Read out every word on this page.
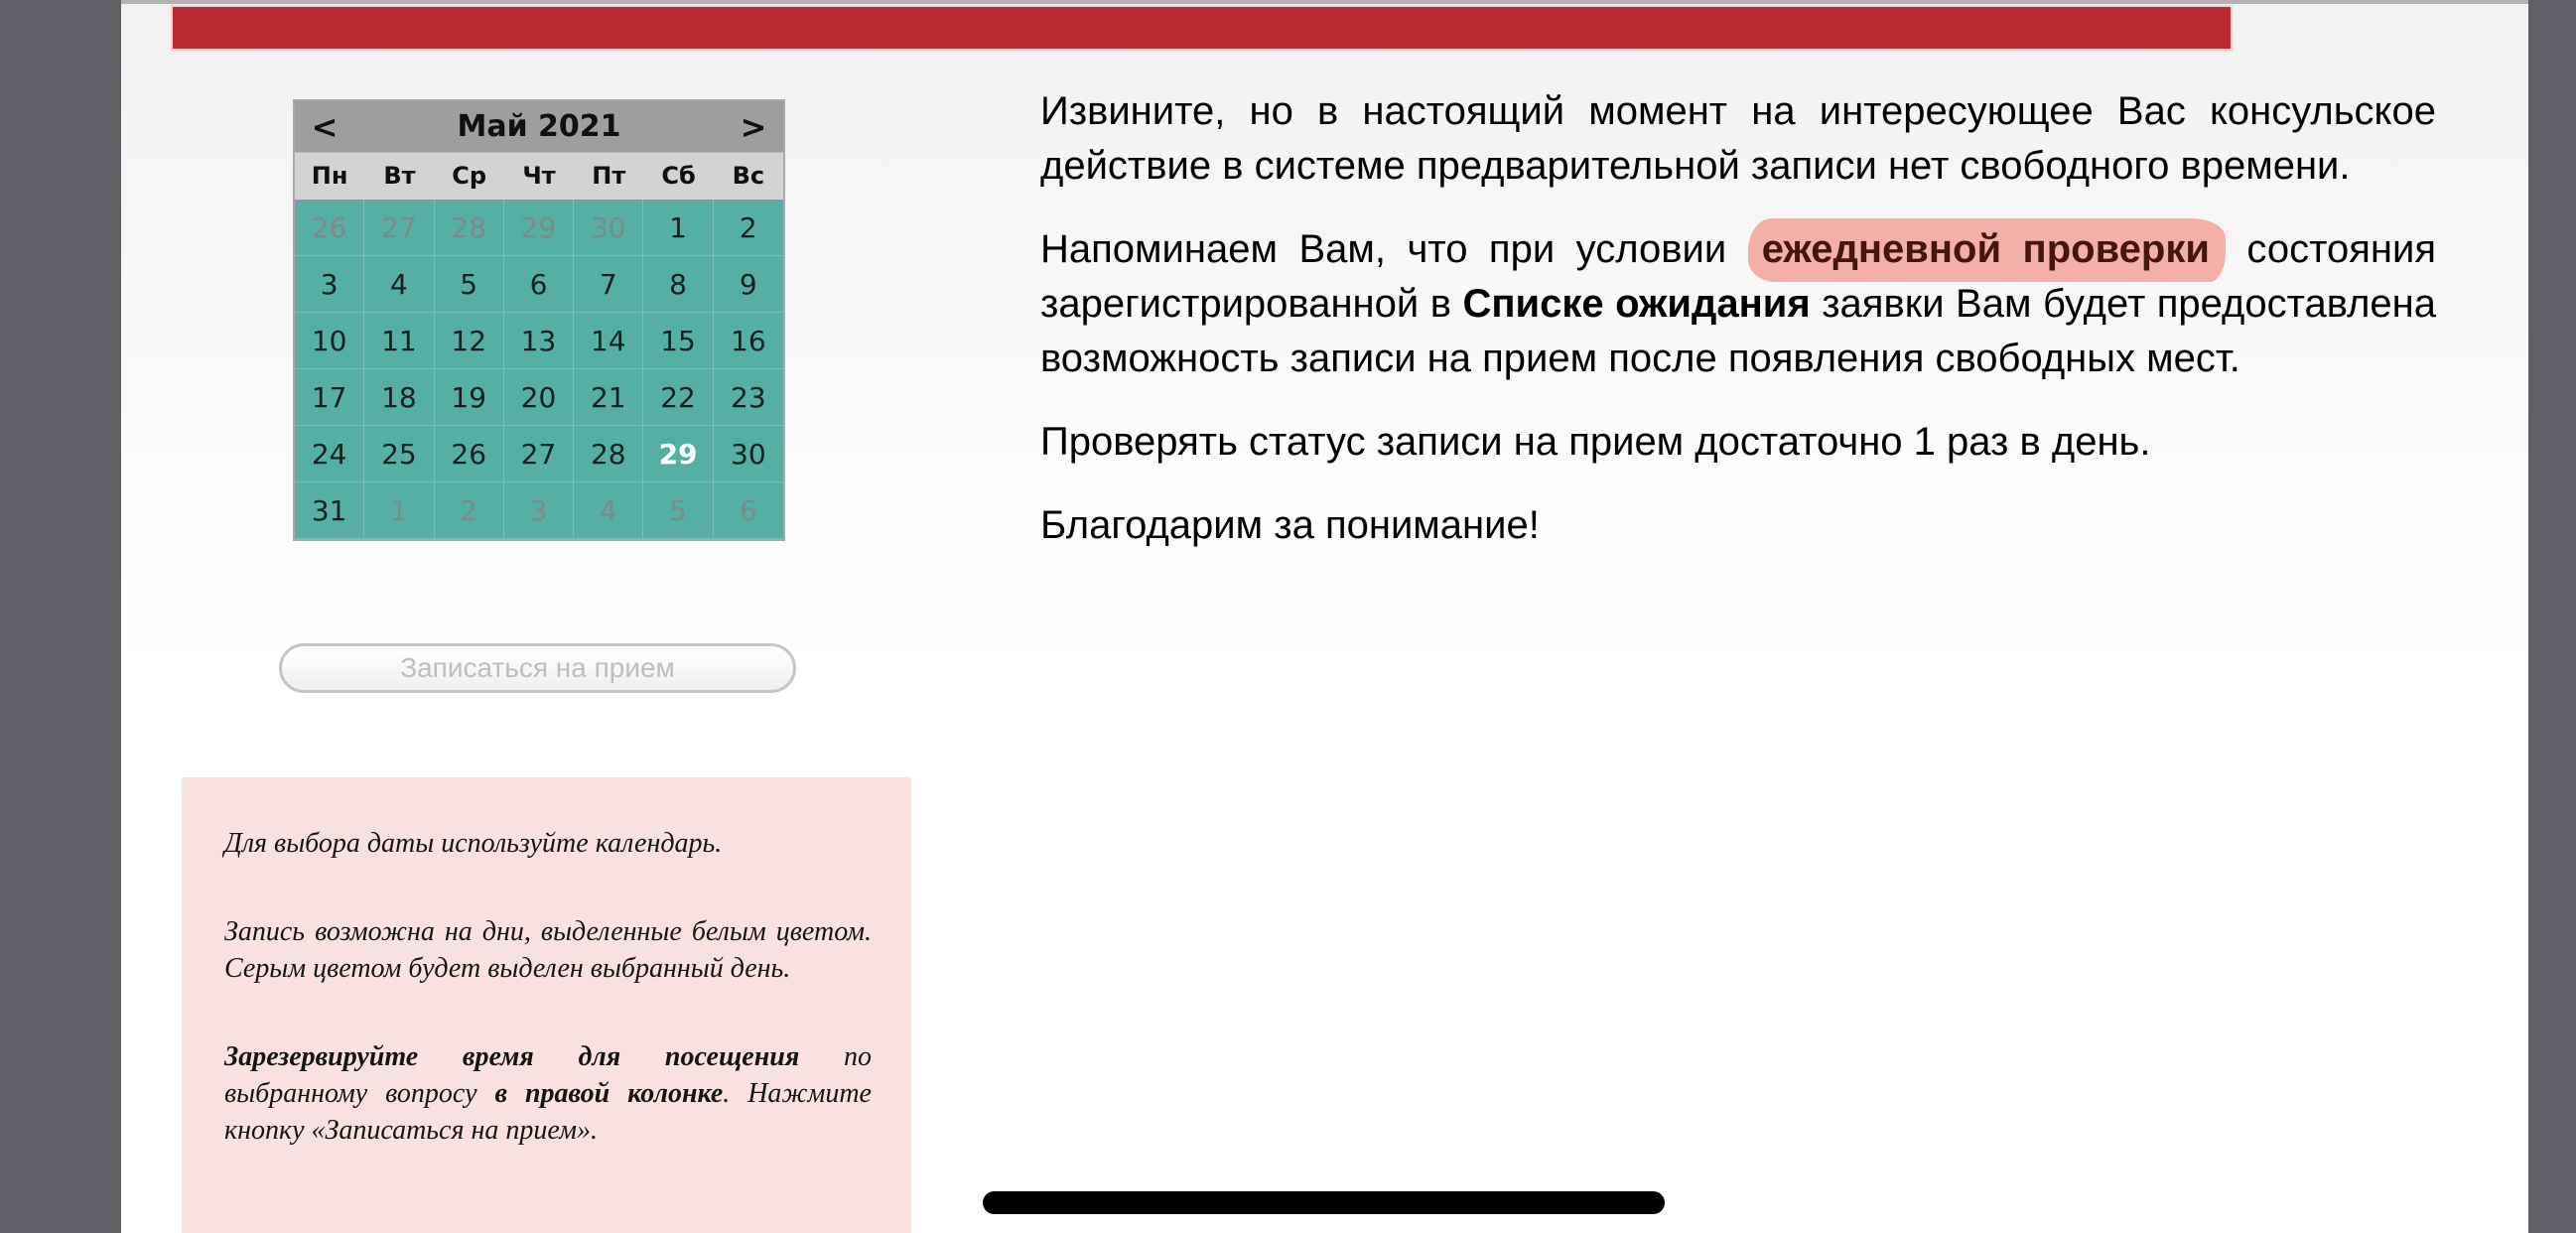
<	Май 2021	>
Пн	Вт	Ср	Чт	Пт	Сб	Вс
26	27	28	29	30	1	2
3	4	5	6	7	8	9
10	11	12	13	14	15	16
17	18	19	20	21	22	23
24	25	26	27	28	29	30
31	1	2	3	4	5	6
Записаться на прием

Для выбора даты используйте календарь.

Запись возможна на дни, выделенные белым цветом. Серым цветом будет выделен выбранный день.

Зарезервируйте время для посещения по выбранному вопросу в правой колонке. Нажмите кнопку «Записаться на прием».

Извините, но в настоящий момент на интересующее Вас консульское действие в системе предварительной записи нет свободного времени.

Напоминаем Вам, что при условии ежедневной проверки состояния зарегистрированной в Списке ожидания заявки Вам будет предоставлена возможность записи на прием после появления свободных мест.

Проверять статус записи на прием достаточно 1 раз в день.

Благодарим за понимание!
